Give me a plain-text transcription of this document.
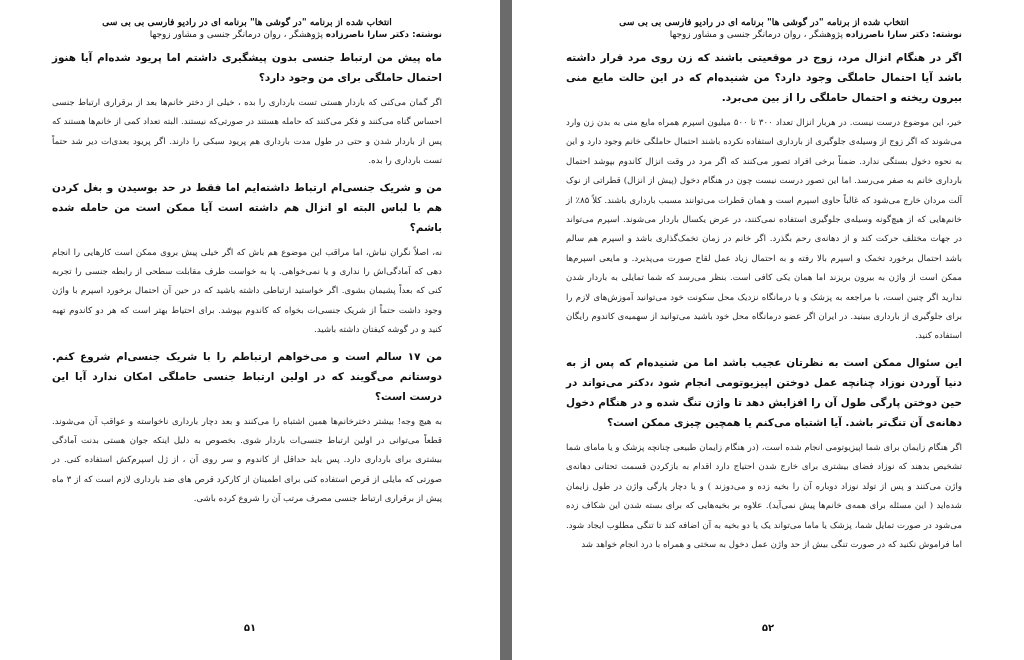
انتخاب شده از برنامه "در گوشی ها" برنامه ای در رادیو فارسی بی بی سی
نوشته: دکتر سارا ناصرزاده پژوهشگر ، روان درمانگر جنسی و مشاور زوجها
ماه پیش من ارتباط جنسی بدون پیشگیری داشتم اما پریود شده‌ام آیا هنوز احتمال حاملگی برای من وجود دارد؟
اگر گمان می‌کنی که باردار هستی تست بارداری را بده ، خیلی از دختر خانم‌ها بعد از برقراری ارتباط جنسی احساس گناه می‌کنند و فکر می‌کنند که حامله هستند در صورتی‌که نیستند. البته تعداد کمی از خانم‌ها هستند که پس از باردار شدن و حتی در طول مدت بارداری هم پریود سبکی را دارند. اگر پریود بعدی‌ات دیر شد حتماً تست بارداری را بده.
من و شریک جنسی‌ام ارتباط داشته‌ایم اما فقط در حد بوسیدن و بغل کردن هم با لباس البته او انزال هم داشته است آیا ممکن است من حامله شده باشم؟
نه، اصلاً نگران نباش، اما مراقب این موضوع هم باش که اگر خیلی پیش بروی ممکن است کارهایی را انجام دهی که آمادگی‌اش را نداری و یا نمی‌خواهی. پا به خواست طرف مقابلت سطحی از رابطه جنسی را تجربه کنی که بعداً پشیمان بشوی. اگر خواستید ارتباطی داشته باشید که در حین آن احتمال برخورد اسپرم با واژن وجود داشت حتماً از شریک جنسی‌ات بخواه که کاندوم بپوشد. برای احتیاط بهتر است که هر دو کاندوم تهیه کنید و در گوشه کیفتان داشته باشید.
من ۱۷ سالم است و می‌خواهم ارتباطم را با شریک جنسی‌ام شروع کنم. دوستانم می‌گویند که در اولین ارتباط جنسی حاملگی امکان ندارد آیا این درست است؟
به هیچ وجه! بیشتر دخترخانم‌ها همین اشتباه را می‌کنند و بعد دچار بارداری ناخواسته و عواقب آن می‌شوند. قطعاً می‌توانی در اولین ارتباط جنسی‌ات باردار شوی. بخصوص به دلیل اینکه جوان هستی بدنت آمادگی بیشتری برای بارداری دارد. پس باید حداقل از کاندوم و سر روی آن ، از ژل اسپرم‌کش استفاده کنی. در صورتی که مایلی از قرص استفاده کنی برای اطمینان از کارکرد قرص های ضد بارداری لازم است که از ۳ ماه پیش از برقراری ارتباط جنسی مصرف مرتب آن را شروع کرده باشی.
۵۱
انتخاب شده از برنامه "در گوشی ها" برنامه ای در رادیو فارسی بی بی سی
نوشته: دکتر سارا ناصرزاده پژوهشگر ، روان درمانگر جنسی و مشاور زوجها
اگر در هنگام انزال مرد، زوج در موقعیتی باشند که زن روی مرد قرار داشته باشد آیا احتمال حاملگی وجود دارد؟ من شنیده‌ام که در این حالت مایع منی بیرون ریخته و احتمال حاملگی را از بین می‌برد.
خیر، این موضوع درست نیست. در هربار انزال تعداد ۳۰۰ تا ۵۰۰ میلیون اسپرم همراه مایع منی به بدن زن وارد می‌شوند که اگر زوج از وسیله‌ی جلوگیری از بارداری استفاده نکرده باشند احتمال حاملگی خانم وجود دارد و این به نحوه دخول بستگی ندارد. ضمناً برخی افراد تصور می‌کنند که اگر مرد در وقت انزال کاندوم بپوشد احتمال بارداری خانم به صفر می‌رسد. اما این تصور درست نیست چون در هنگام دخول (پیش از انزال) قطراتی از نوک آلت مردان خارج می‌شود که غالباً حاوی اسپرم است و همان قطرات می‌توانند مسبب بارداری باشند. کلاً ۸۵٪ از خانم‌هایی که از هیچ‌گونه وسیله‌ی جلوگیری استفاده نمی‌کنند، در عرض یکسال باردار می‌شوند. اسپرم می‌تواند در جهات مختلف حرکت کند و از دهانه‌ی رحم بگذرد. اگر خانم در زمان تخمک‌گذاری باشد و اسپرم هم سالم باشد احتمال برخورد تخمک و اسپرم بالا رفته و به احتمال زیاد عمل لقاح صورت می‌پذیرد. و مایعی اسپرم‌ها ممکن است از واژن به بیرون بریزند اما همان یکی کافی است. بنظر می‌رسد که شما تمایلی به باردار شدن ندارید اگر چنین است، با مراجعه به پزشک و یا درمانگاه نزدیک محل سکونت خود می‌توانید آموزش‌های لازم را برای جلوگیری از بارداری ببینید. در ایران اگر عضو درمانگاه محل خود باشید می‌توانید از سهمیه‌ی کاندوم رایگان استفاده کنید.
این سئوال ممکن است به نظرتان عجیب باشد اما من شنیده‌ام که پس از به دنیا آوردن نوزاد چنانچه عمل دوختن اپیزیوتومی انجام شود ،دکتر می‌تواند در حین دوختن پارگی طول آن را افزایش دهد تا واژن تنگ شده و در هنگام دخول دهانه‌ی آن تنگ‌تر باشد. آیا اشتباه می‌کنم یا همچین چیزی ممکن است؟
اگر هنگام زایمان برای شما اپیزیوتومی انجام شده است، (در هنگام زایمان طبیعی چنانچه پزشک و یا مامای شما تشخیص بدهند که نوزاد فضای بیشتری برای خارج شدن احتیاج دارد اقدام به بازکردن قسمت تحتانی دهانه‌ی واژن می‌کنند و پس از تولد نوزاد دوباره آن را بخیه زده و می‌دوزند ) و یا دچار پارگی واژن در طول زایمان شده‌اید ( این مسئله برای همه‌ی خانم‌ها پیش نمی‌آید). علاوه بر بخیه‌هایی که برای بسته شدن این شکاف زده می‌شود در صورت تمایل شما، پزشک یا ماما می‌تواند یک یا دو بخیه به آن اضافه کند تا تنگی مطلوب ایجاد شود. اما فراموش نکنید که در صورت تنگی بیش از حد واژن عمل دخول به سختی و همراه با درد انجام خواهد شد
۵۲
